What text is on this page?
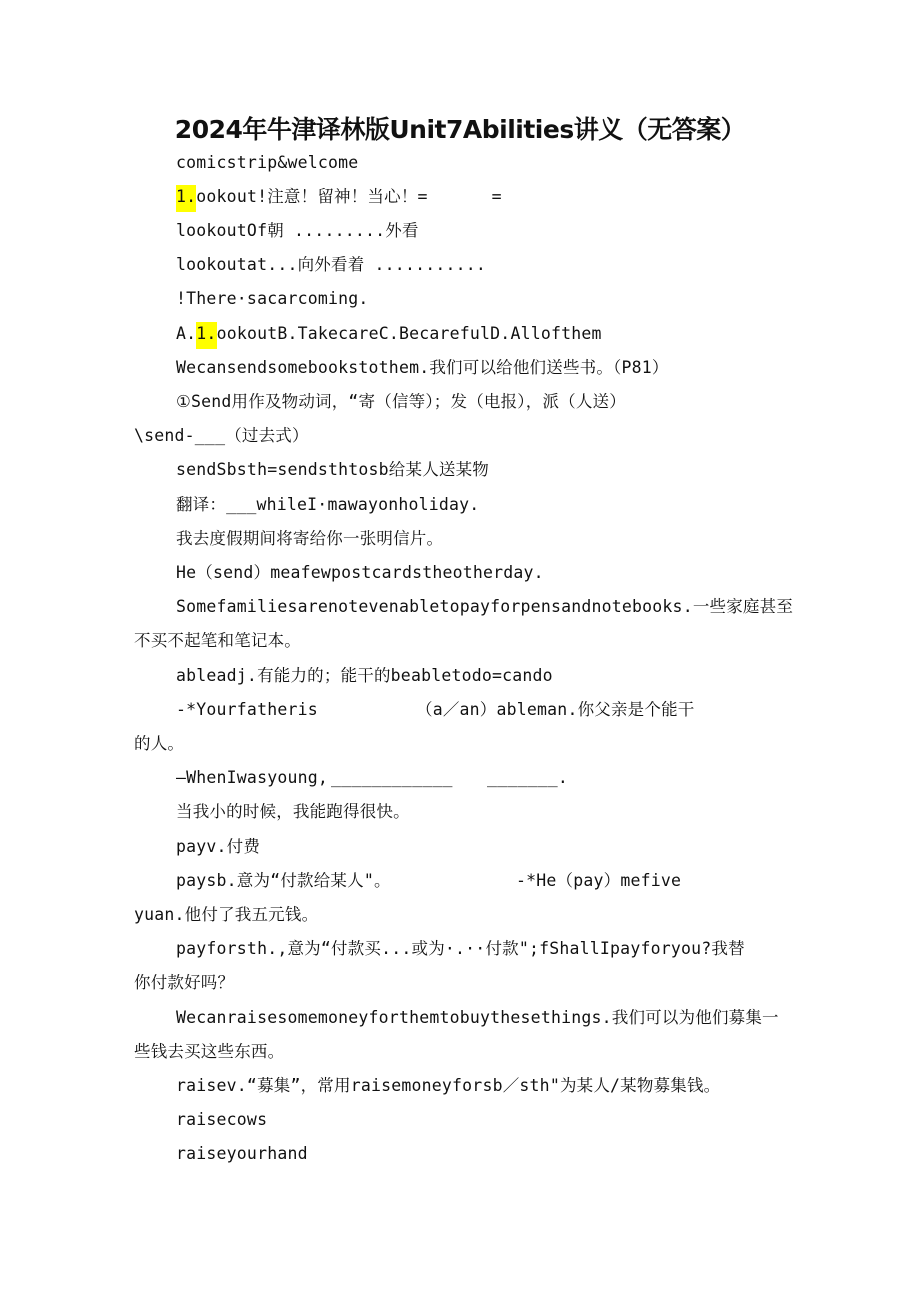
2024年牛津译林版Unit7Abilities讲义（无答案）
comicstrip&welcome
1.ookout!注意！留神！当心！=	=
lookoutOf朝 .........外看
lookoutat...向外看着 ...........
!There·sacarcoming.
A.1.ookoutB.TakecareC.BecarefulD.Allofthem
Wecansendsomebookstothem.我们可以给他们送些书。（P81）
①Send用作及物动词，“寄（信等）；发（电报），派（人送）
\send-___（过去式）
sendSbsth=sendsthtosb给某人送某物
翻译：___whileI·mawayonholiday.
我去度假期间将寄给你一张明信片。
He（send）meafewpostcardstheotherday.
Somefamiliesarenotevenabletopayforpensandnotebooks.一些家庭甚至
不买不起笔和笔记本。
ableadj.有能力的；能干的beabletodo=cando
-*Yourfatheris	（a／an）ableman.你父亲是个能干
的人。
—WhenIwasyoung, ____________ _______.
当我小的时候，我能跑得很快。
payv.付费
paysb.意为“付款给某人"。	-*He（pay）mefive
yuan.他付了我五元钱。
payforsth.,意为“付款买...或为·.··付款";fShallIpayforyou?我替
你付款好吗？
Wecanraisesomemoneyforthemtobuythesethings.我们可以为他们募集一
些钱去买这些东西。
raisev.“募集”，常用raisemoneyforsb／sth"为某人/某物募集钱。
raisecows
raiseyourhand
